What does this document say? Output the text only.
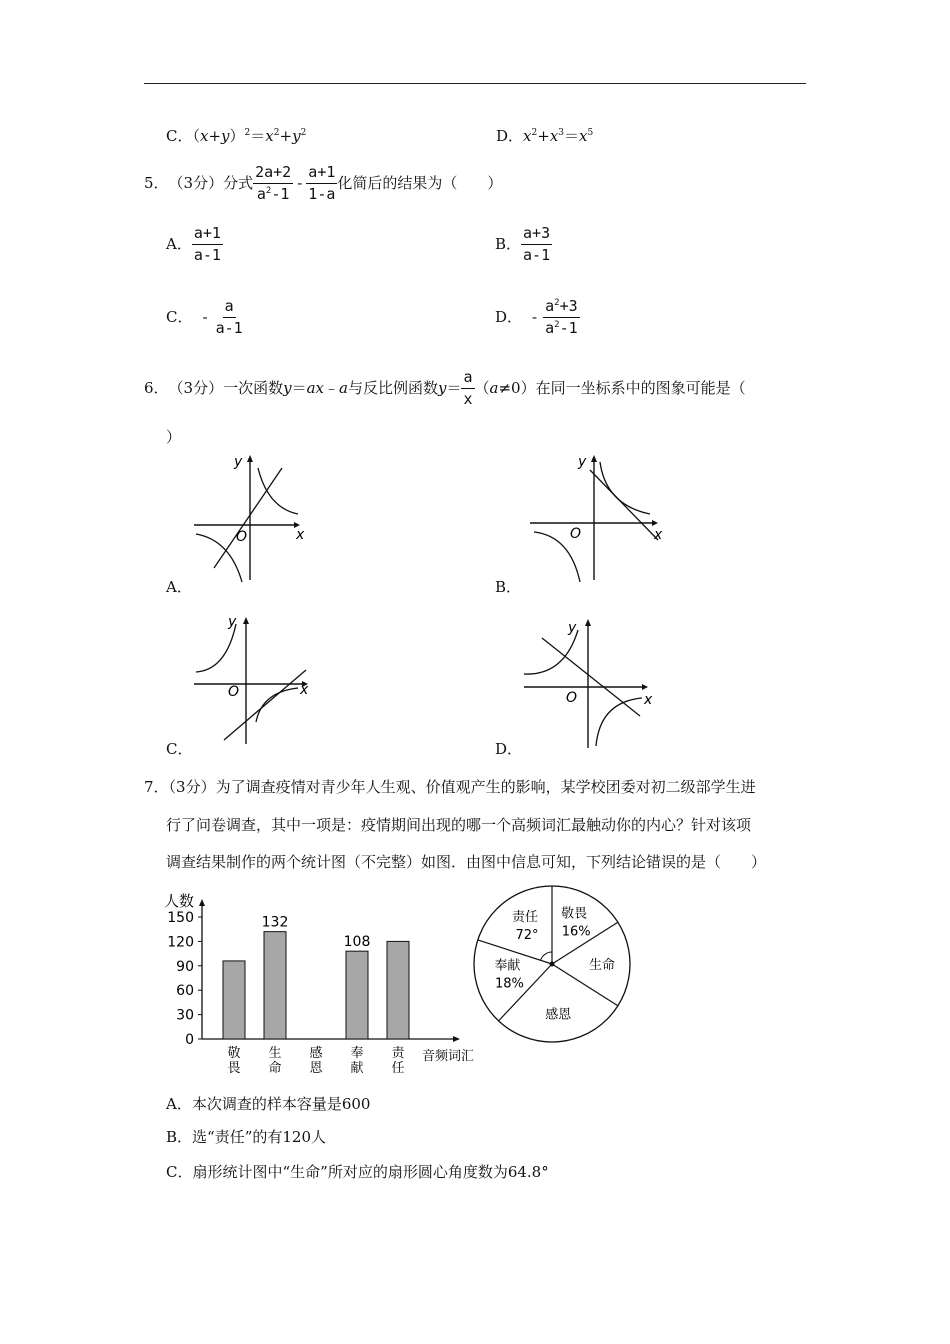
C．$(x+y)^2=x^2+y^2$	D．$x^2+x^3=x^5$
5． （3分）分式 $\frac{2a+2}{a^2-1} - \frac{a+1}{1-a}$ 化简后的结果为（　　）
A． $\frac{a+1}{a-1}$	B． $\frac{a+3}{a-1}$
C． - $\frac{a}{a-1}$	D． - $\frac{a^2+3}{a^2-1}$
6． （3分）一次函数y＝ax﹣a与反比例函数$y= \frac{a}{x} (a\ne 0)$在同一坐标系中的图象可能是（
）
y
x
O
A．
y
x
O
B．
y
x
O
C．
y
x
O
D．
7．（3分）为了调查疫情对青少年人生观、价值观产生的影响，某学校团委对初二级部学生进
行了问卷调查，其中一项是：疫情期间出现的哪一个高频词汇最触动你的内心？针对该项
调查结果制作的两个统计图（不完整）如图．由图中信息可知，下列结论错误的是（　　）
人数
0
30
60
90
120
150
敬
畏
132
生
命
感
恩
108
奉
献
责
任
音频词汇
责任
72°
敬畏
16%
生命
感恩
奉献
18%
A．本次调查的样本容量是600
B．选“责任”的有120人
C．扇形统计图中“生命”所对应的扇形圆心角度数为64.8°
